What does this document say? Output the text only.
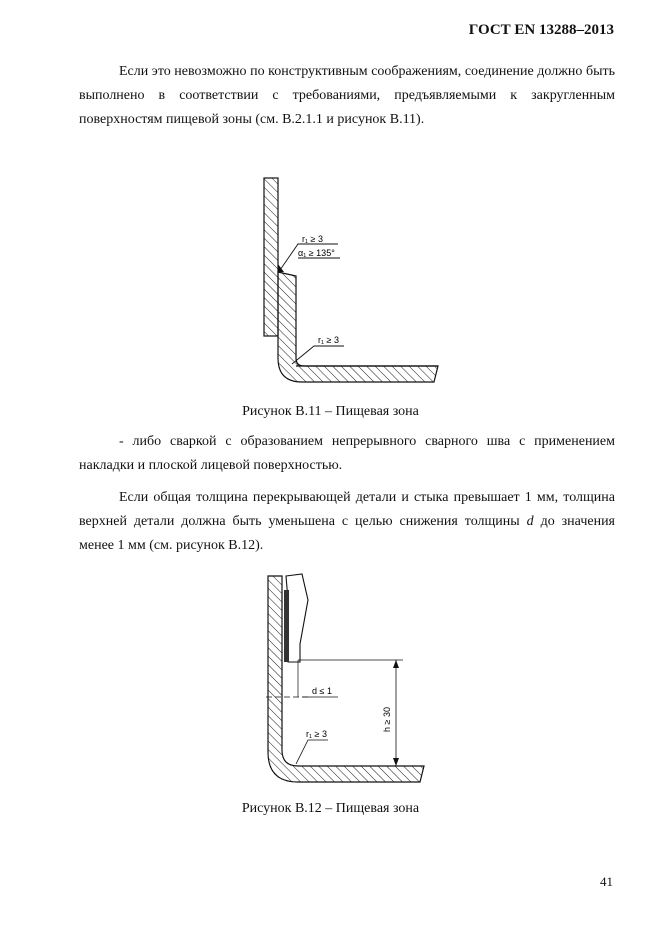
ГОСТ EN 13288–2013
Если это невозможно по конструктивным соображениям, соединение должно быть выполнено в соответствии с требованиями, предъявляемыми к закругленным поверхностям пищевой зоны (см. В.2.1.1 и рисунок В.11).
r₁ ≥ 3
α₁ ≥ 135°
r₁ ≥ 3
Рисунок В.11 – Пищевая зона
- либо сваркой с образованием непрерывного сварного шва с применением накладки и плоской лицевой поверхностью.
Если общая толщина перекрывающей детали и стыка превышает 1 мм, толщина верхней детали должна быть уменьшена с целью снижения толщины d до значения менее 1 мм (см. рисунок В.12).
h ≥ 30
d ≤ 1
r₁ ≥ 3
Рисунок В.12 – Пищевая зона
41
